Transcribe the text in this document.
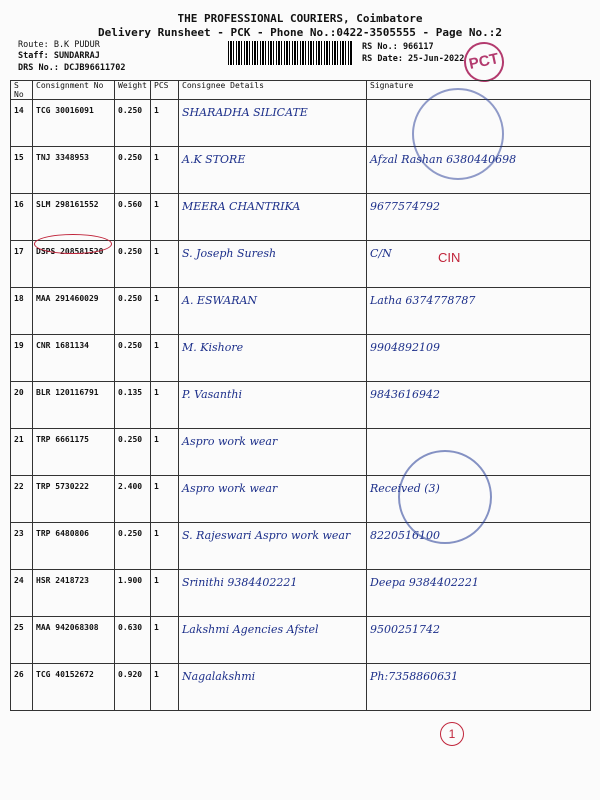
THE PROFESSIONAL COURIERS, Coimbatore
Delivery Runsheet - PCK - Phone No.:0422-3505555 - Page No.:2
Route: B.K PUDUR
Staff: SUNDARRAJ
DRS No.: DCJB96611702
RS No.: 966117
RS Date: 25-Jun-2022 PCT
S No	Consignment No	Weight	PCS	Consignee Details	Signature
14	TCG 30016091	0.250	1	SHARADHA SILICATE	
15	TNJ 3348953	0.250	1	A.K STORE	Afzal Rashan 6380440698
16	SLM 298161552	0.560	1	MEERA CHANTRIKA	9677574792
17	DSPS 208581520	0.250	1	S. Joseph Suresh	C/N
18	MAA 291460029	0.250	1	A. ESWARAN	Latha 6374778787
19	CNR 1681134	0.250	1	M. Kishore	9904892109
20	BLR 120116791	0.135	1	P. Vasanthi	9843616942
21	TRP 6661175	0.250	1	Aspro work wear	
22	TRP 5730222	2.400	1	Aspro work wear	Received (3)
23	TRP 6480806	0.250	1	S. Rajeswari Aspro work wear	8220516100
24	HSR 2418723	1.900	1	Srinithi 9384402221	Deepa 9384402221
25	MAA 942068308	0.630	1	Lakshmi Agencies Afstel	9500251742
26	TCG 40152672	0.920	1	Nagalakshmi	Ph:7358860631
CIN
1
